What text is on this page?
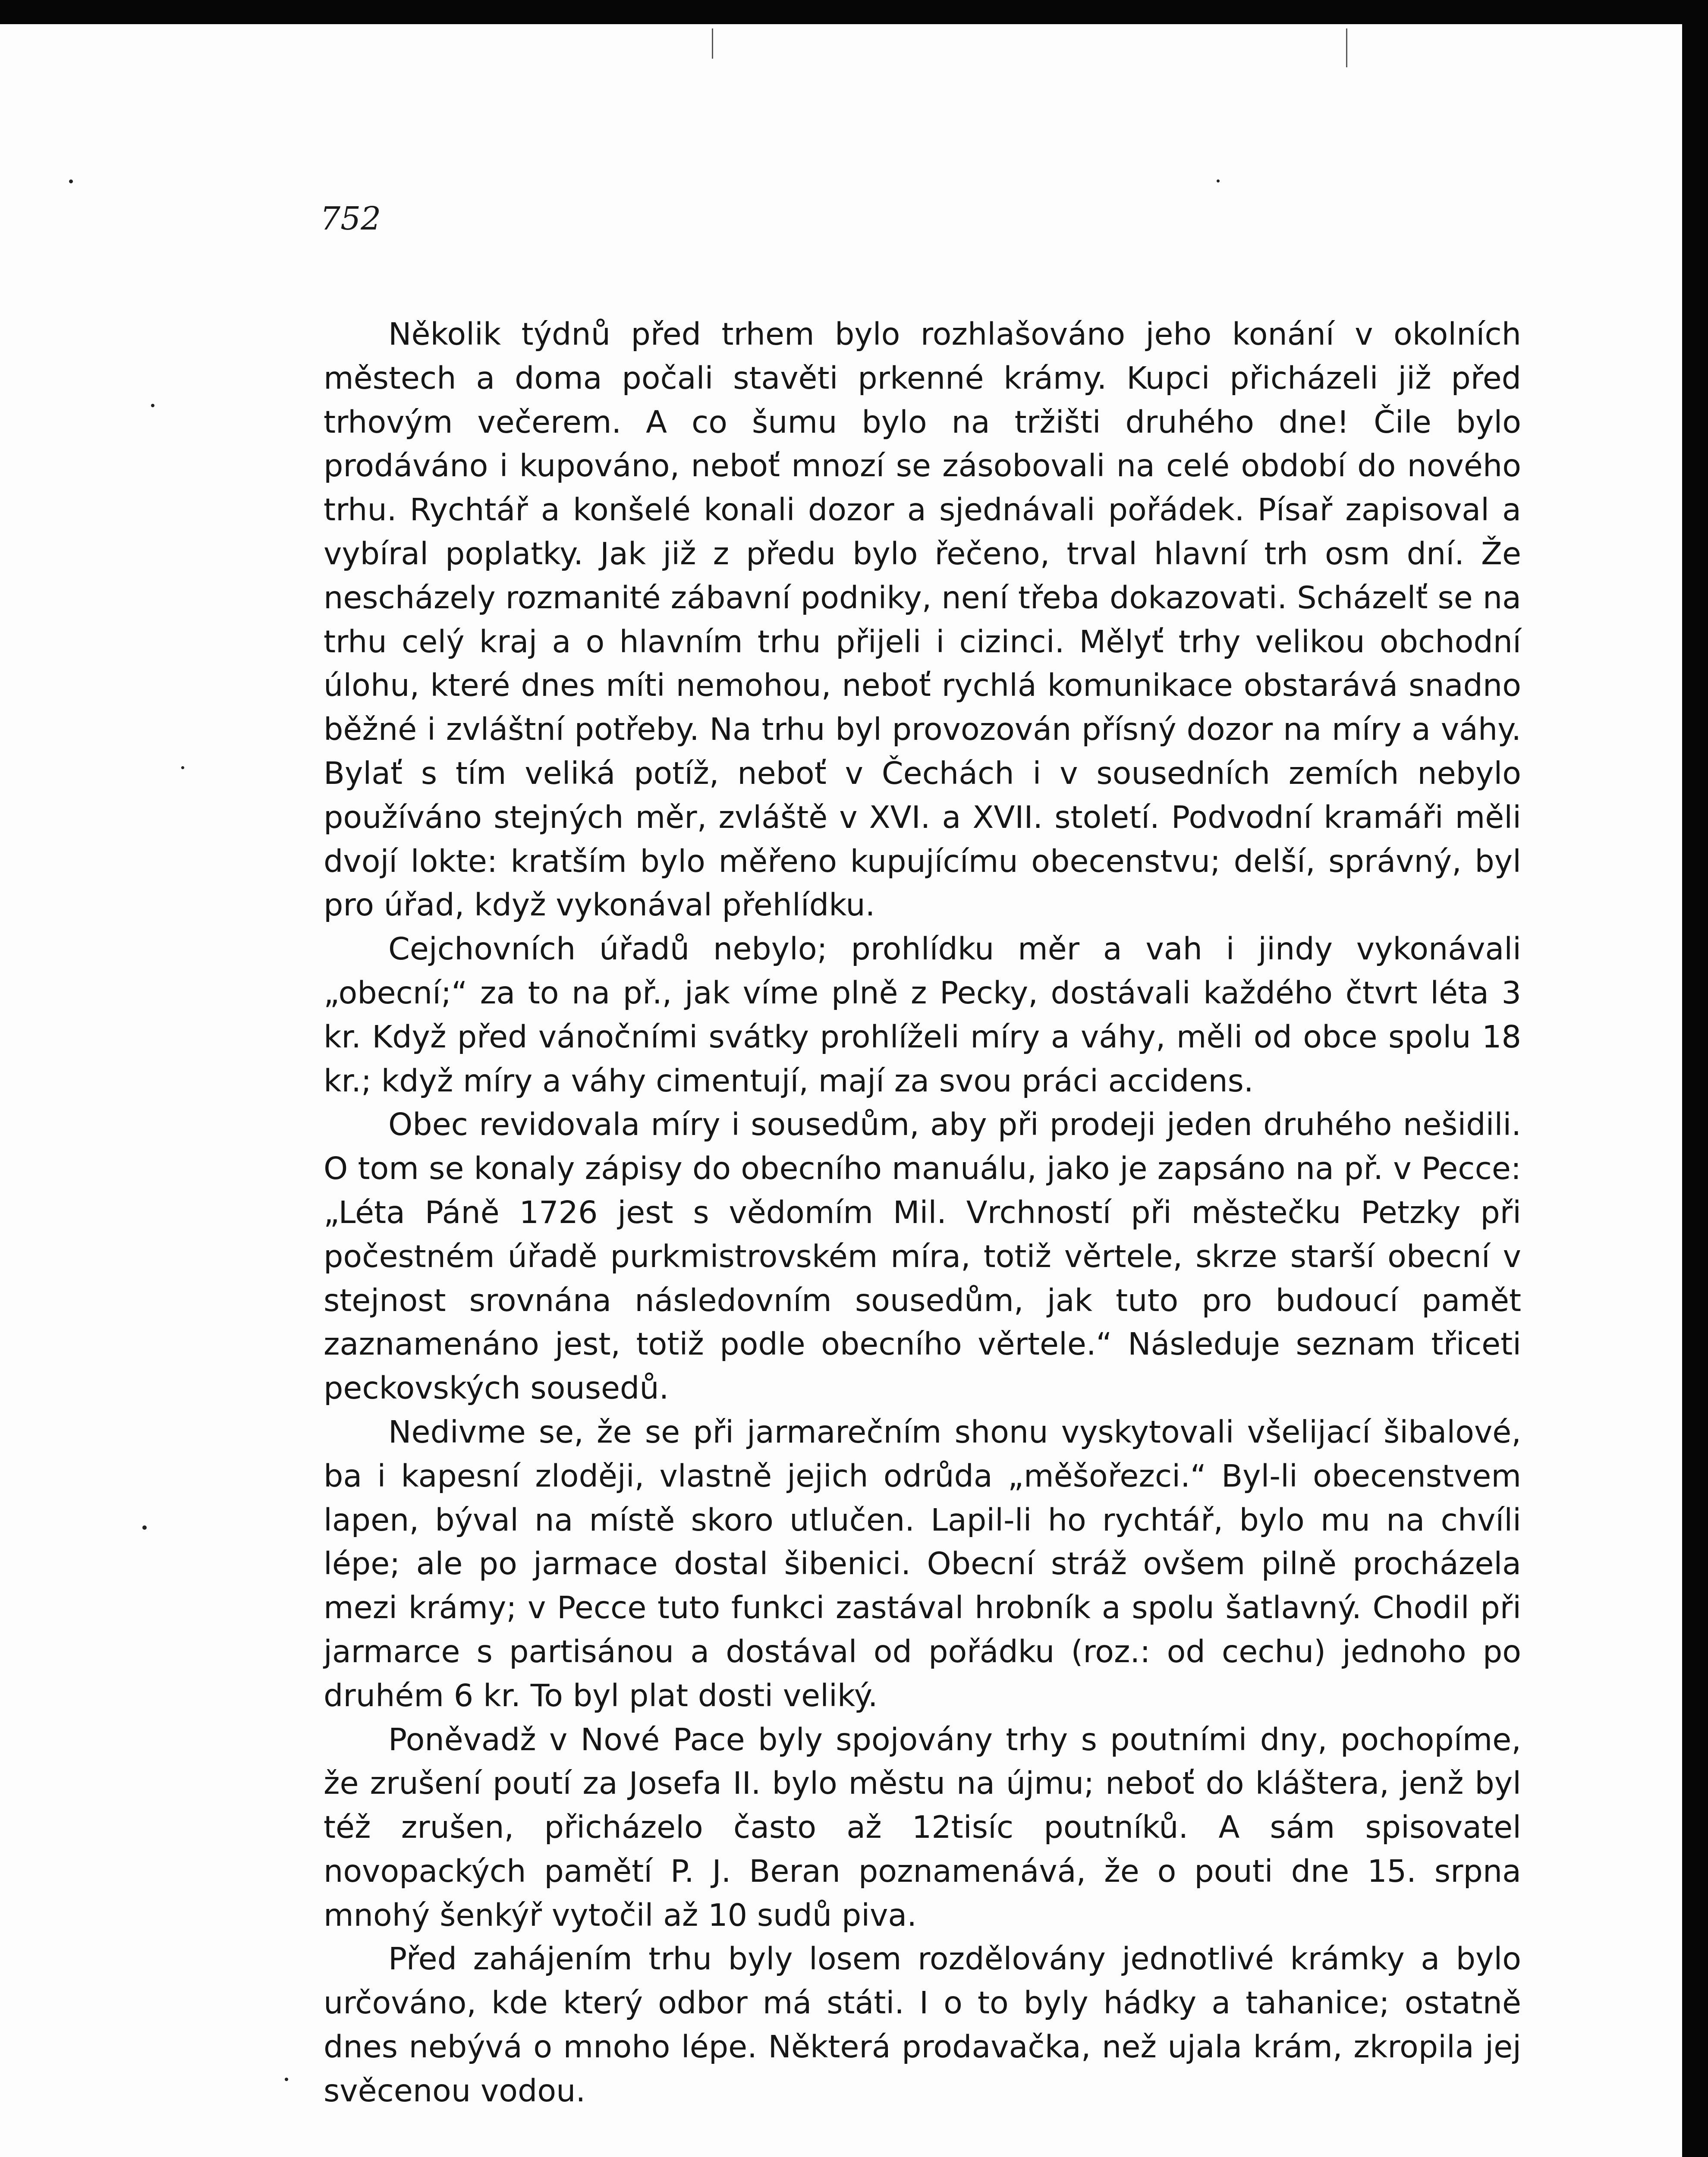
752

Několik týdnů před trhem bylo rozhlašováno jeho konání v okolních městech a doma počali stavěti prkenné krámy. Kupci přicházeli již před trhovým večerem. A co šumu bylo na tržišti druhého dne! Čile bylo prodáváno i kupováno, neboť mnozí se zásobovali na celé období do nového trhu. Rychtář a konšelé konali dozor a sjednávali pořádek. Písař zapisoval a vybíral poplatky. Jak již z předu bylo řečeno, trval hlavní trh osm dní. Že nescházely rozmanité zábavní podniky, není třeba dokazovati. Scházelť se na trhu celý kraj a o hlavním trhu přijeli i cizinci. Mělyť trhy velikou obchodní úlohu, které dnes míti nemohou, neboť rychlá komunikace obstarává snadno běžné i zvláštní potřeby. Na trhu byl provozován přísný dozor na míry a váhy. Bylať s tím veliká potíž, neboť v Čechách i v sousedních zemích nebylo používáno stejných měr, zvláště v XVI. a XVII. století. Podvodní kramáři měli dvojí lokte: kratším bylo měřeno kupujícímu obecenstvu; delší, správný, byl pro úřad, když vykonával přehlídku.

Cejchovních úřadů nebylo; prohlídku měr a vah i jindy vykonávali „obecní;“ za to na př., jak víme plně z Pecky, dostávali každého čtvrt léta 3 kr. Když před vánočními svátky prohlíželi míry a váhy, měli od obce spolu 18 kr.; když míry a váhy cimentují, mají za svou práci accidens.

Obec revidovala míry i sousedům, aby při prodeji jeden druhého nešidili. O tom se konaly zápisy do obecního manuálu, jako je zapsáno na př. v Pecce: „Léta Páně 1726 jest s vědomím Mil. Vrchností při městečku Petzky při počestném úřadě purkmistrovském míra, totiž věrtele, skrze starší obecní v stejnost srovnána následovním sousedům, jak tuto pro budoucí pamět zaznamenáno jest, totiž podle obecního věrtele.“ Následuje seznam třiceti peckovských sousedů.

Nedivme se, že se při jarmarečním shonu vyskytovali všelijací šibalové, ba i kapesní zloději, vlastně jejich odrůda „měšořezci.“ Byl-li obecenstvem lapen, býval na místě skoro utlučen. Lapil-li ho rychtář, bylo mu na chvíli lépe; ale po jarmace dostal šibenici. Obecní stráž ovšem pilně procházela mezi krámy; v Pecce tuto funkci zastával hrobník a spolu šatlavný. Chodil při jarmarce s partisánou a dostával od pořádku (roz.: od cechu) jednoho po druhém 6 kr. To byl plat dosti veliký.

Poněvadž v Nové Pace byly spojovány trhy s poutními dny, pochopíme, že zrušení poutí za Josefa II. bylo městu na újmu; neboť do kláštera, jenž byl též zrušen, přicházelo často až 12tisíc poutníků. A sám spisovatel novopackých pamětí P. J. Beran poznamenává, že o pouti dne 15. srpna mnohý šenkýř vytočil až 10 sudů piva.

Před zahájením trhu byly losem rozdělovány jednotlivé krámky a bylo určováno, kde který odbor má státi. I o to byly hádky a tahanice; ostatně dnes nebývá o mnoho lépe. Některá prodavačka, než ujala krám, zkropila jej svěcenou vodou.
